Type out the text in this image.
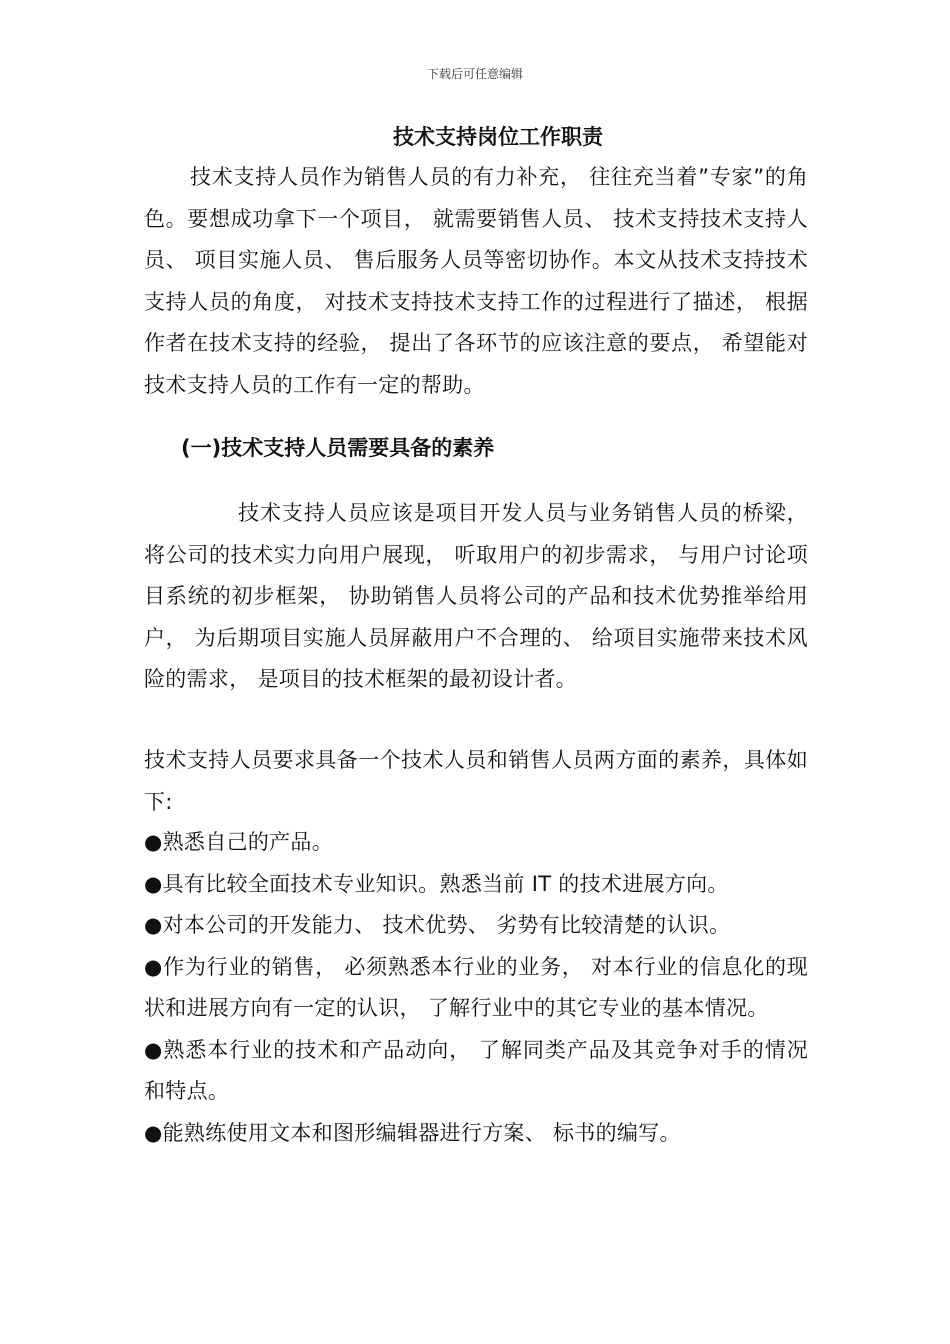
下载后可任意编辑
技术支持岗位工作职责

技术支持人员作为销售人员的有力补充， 往往充当着”专家”的角色。要想成功拿下一个项目， 就需要销售人员、 技术支持技术支持人员、 项目实施人员、 售后服务人员等密切协作。本文从技术支持技术支持人员的角度， 对技术支持技术支持工作的过程进行了描述， 根据作者在技术支持的经验， 提出了各环节的应该注意的要点， 希望能对技术支持人员的工作有一定的帮助。

(一)技术支持人员需要具备的素养

技术支持人员应该是项目开发人员与业务销售人员的桥梁， 将公司的技术实力向用户展现， 听取用户的初步需求， 与用户讨论项目系统的初步框架， 协助销售人员将公司的产品和技术优势推举给用户， 为后期项目实施人员屏蔽用户不合理的、 给项目实施带来技术风险的需求， 是项目的技术框架的最初设计者。

技术支持人员要求具备一个技术人员和销售人员两方面的素养，具体如下:

●熟悉自己的产品。
●具有比较全面技术专业知识。熟悉当前 IT 的技术进展方向。
●对本公司的开发能力、 技术优势、 劣势有比较清楚的认识。
●作为行业的销售， 必须熟悉本行业的业务， 对本行业的信息化的现状和进展方向有一定的认识， 了解行业中的其它专业的基本情况。
●熟悉本行业的技术和产品动向， 了解同类产品及其竞争对手的情况和特点。
●能熟练使用文本和图形编辑器进行方案、 标书的编写。
